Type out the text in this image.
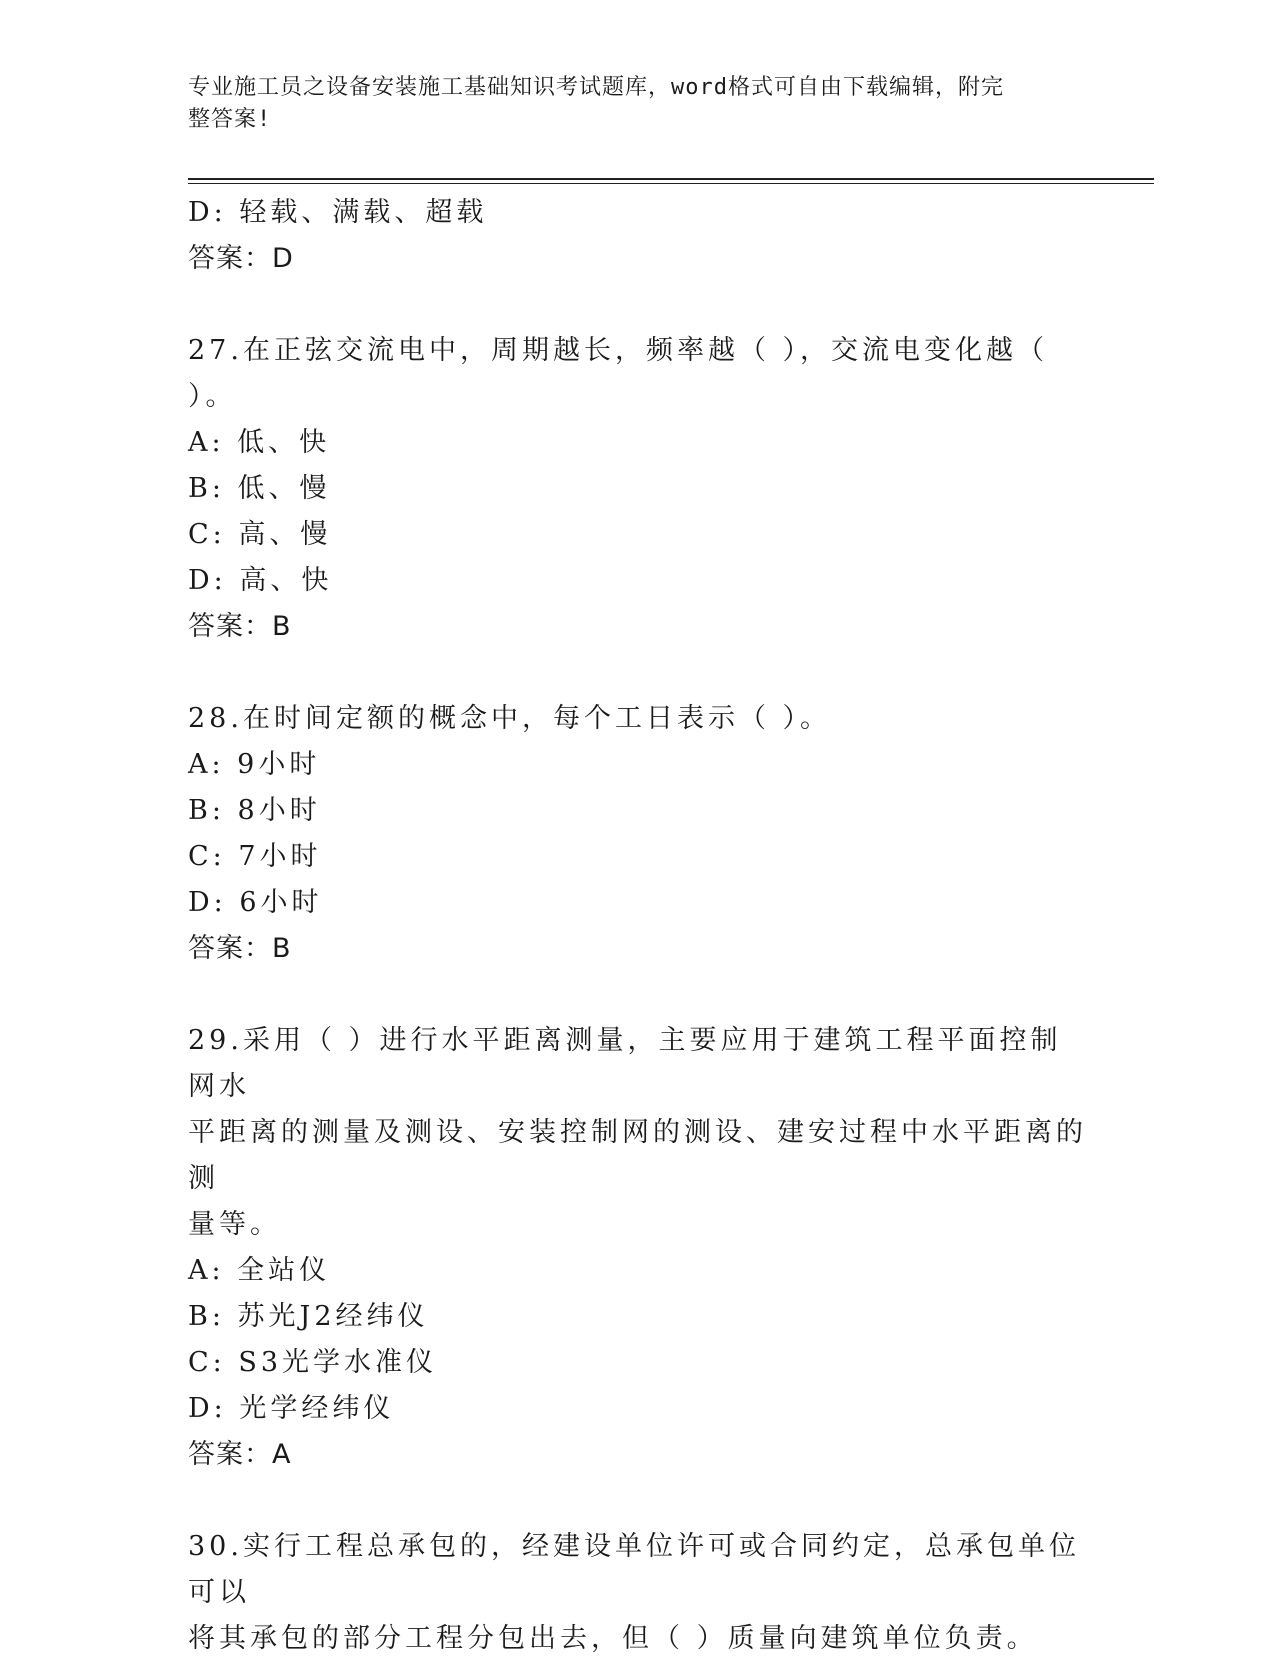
专业施工员之设备安装施工基础知识考试题库，word格式可自由下载编辑，附完
整答案!
D: 轻载、满载、超载
答案：D
27.在正弦交流电中，周期越长，频率越（ ），交流电变化越（ ）。
A: 低、快
B: 低、慢
C: 高、慢
D: 高、快
答案：B
28.在时间定额的概念中，每个工日表示（ ）。
A: 9小时
B: 8小时
C: 7小时
D: 6小时
答案：B
29.采用（ ）进行水平距离测量，主要应用于建筑工程平面控制网水
平距离的测量及测设、安装控制网的测设、建安过程中水平距离的测
量等。
A: 全站仪
B: 苏光J2经纬仪
C: S3光学水准仪
D: 光学经纬仪
答案：A
30.实行工程总承包的，经建设单位许可或合同约定，总承包单位可以
将其承包的部分工程分包出去，但（ ）质量向建筑单位负责。
